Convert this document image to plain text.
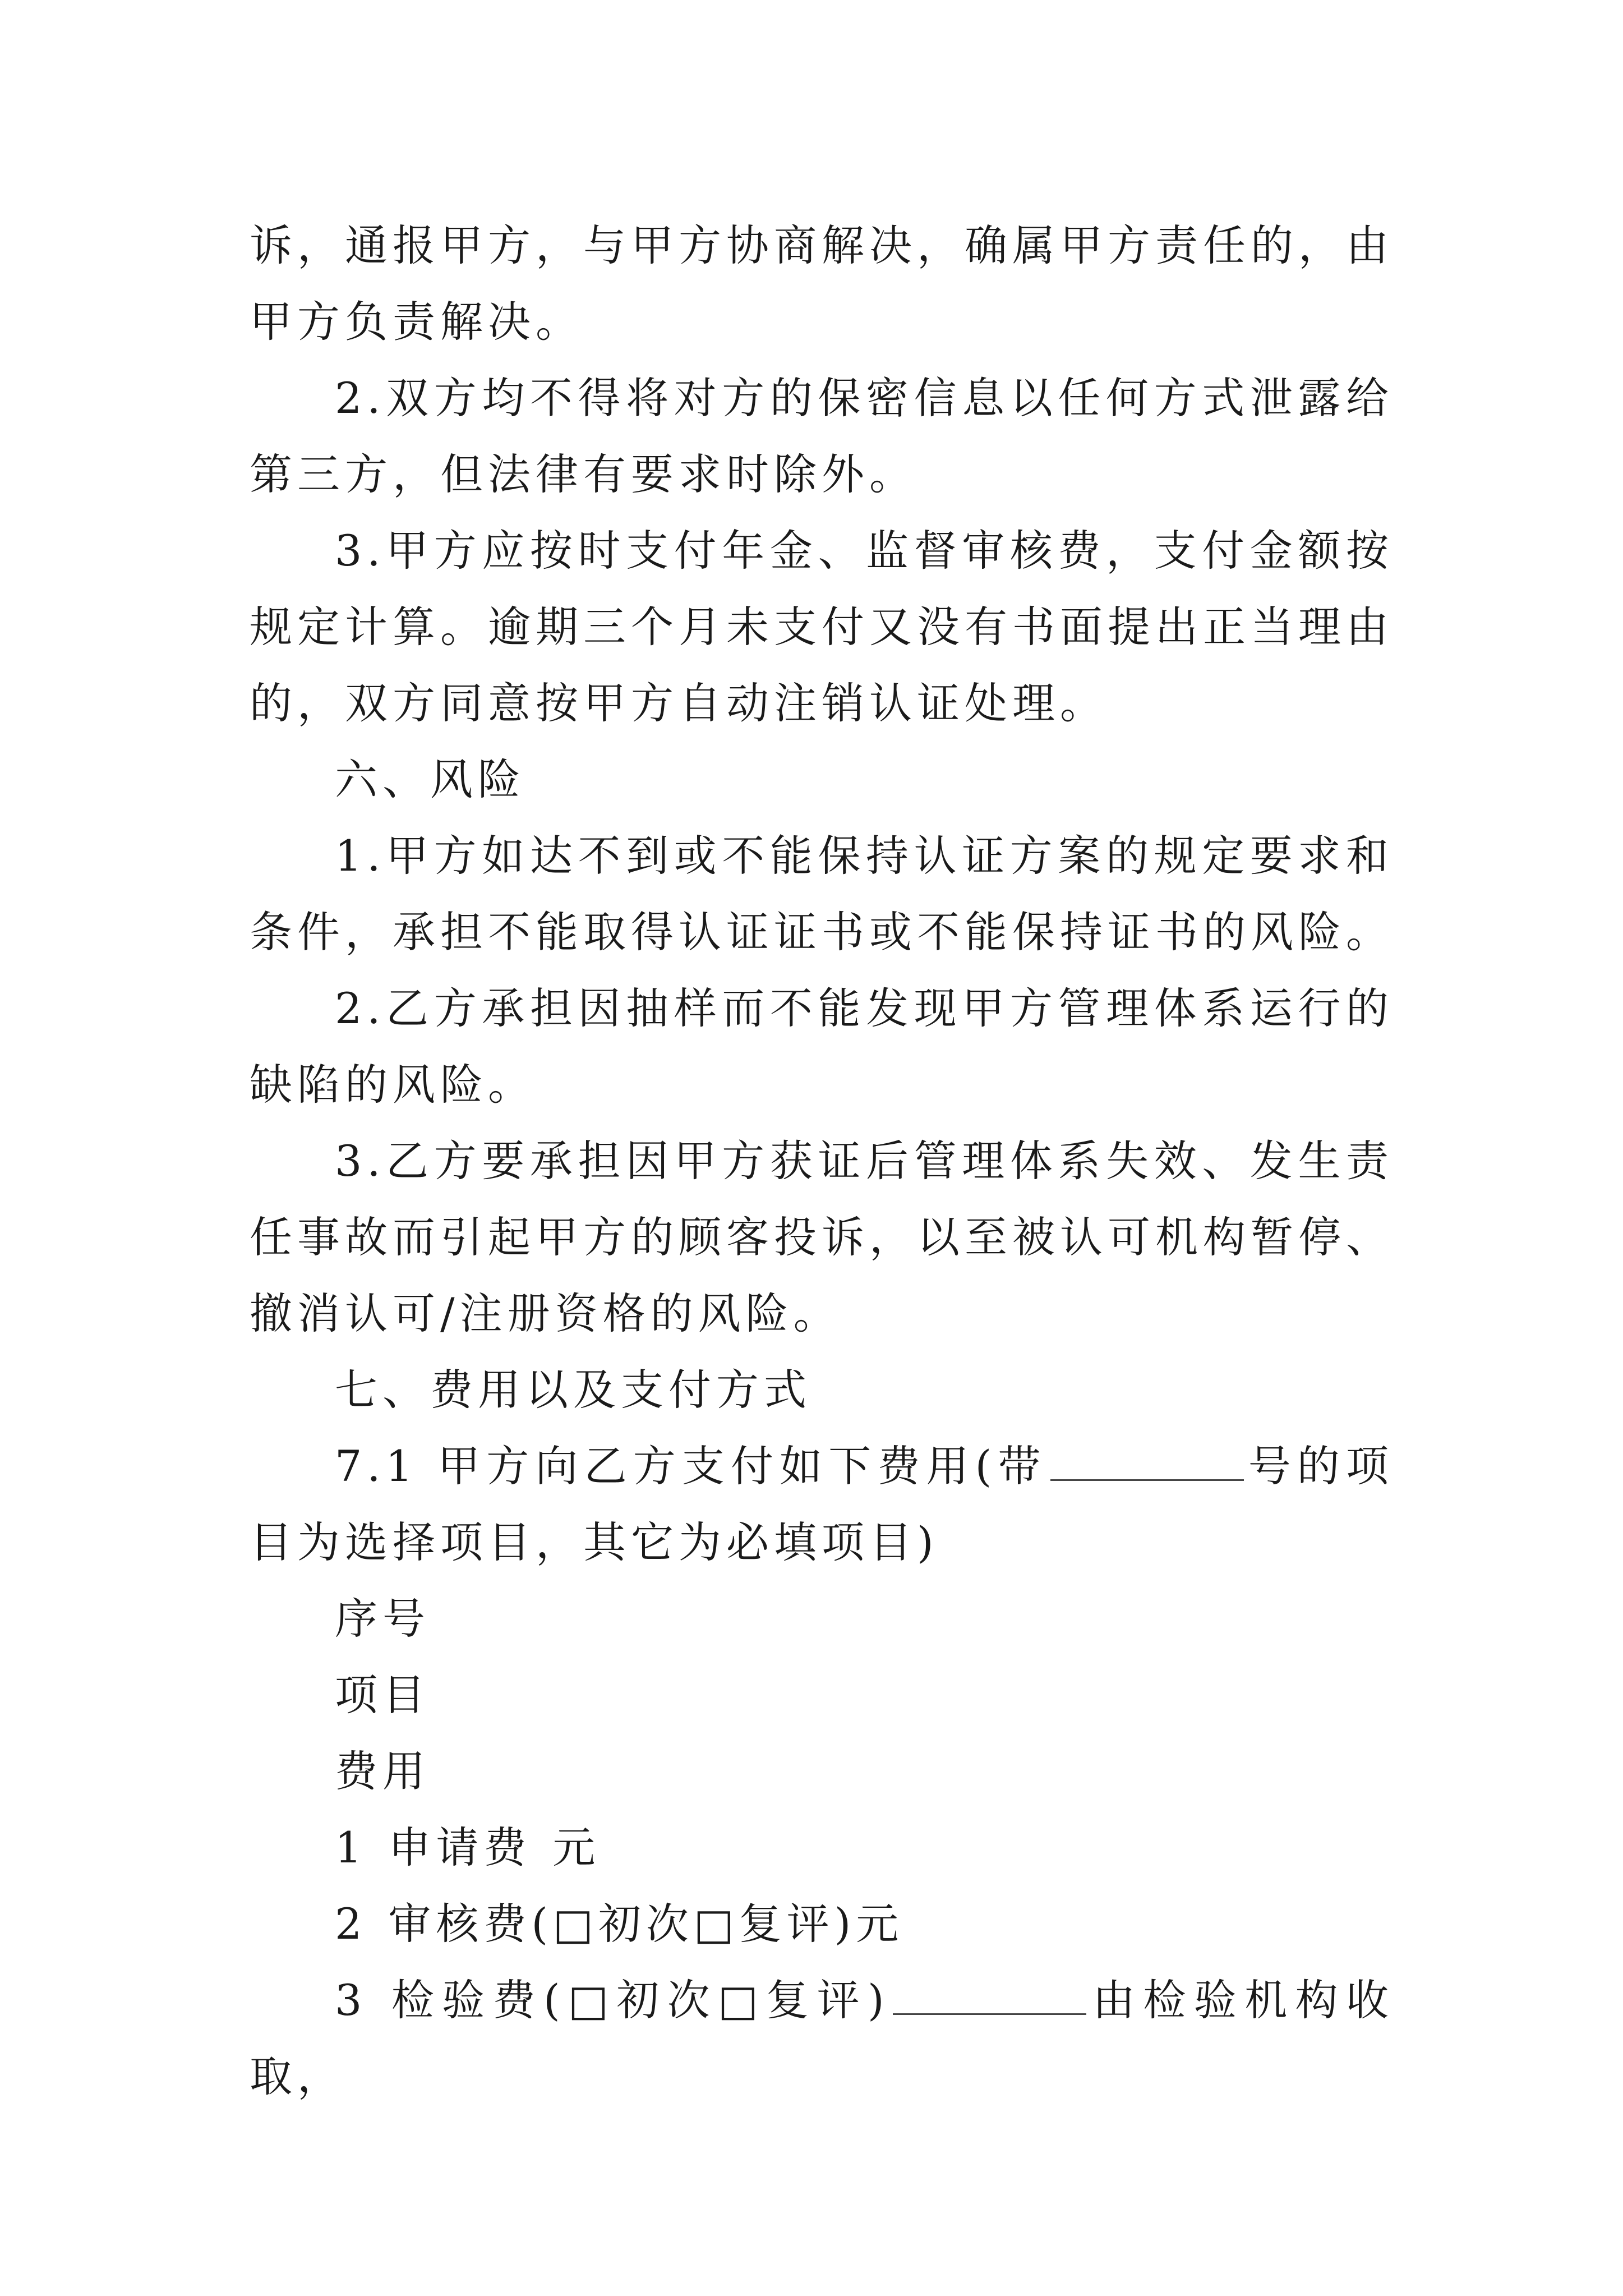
诉，通报甲方，与甲方协商解决，确属甲方责任的，由甲方负责解决。

2.双方均不得将对方的保密信息以任何方式泄露给第三方，但法律有要求时除外。

3.甲方应按时支付年金、监督审核费，支付金额按规定计算。逾期三个月未支付又没有书面提出正当理由的，双方同意按甲方自动注销认证处理。

六、风险

1.甲方如达不到或不能保持认证方案的规定要求和条件，承担不能取得认证证书或不能保持证书的风险。

2.乙方承担因抽样而不能发现甲方管理体系运行的缺陷的风险。

3.乙方要承担因甲方获证后管理体系失效、发生责任事故而引起甲方的顾客投诉，以至被认可机构暂停、撤消认可/注册资格的风险。

七、费用以及支付方式

7.1 甲方向乙方支付如下费用(带	号的项目为选择项目，其它为必填项目)

序号

项目

费用

1 申请费 元

2 审核费(□初次□复评)元

3 检验费(□初次□复评)	由检验机构收取，
